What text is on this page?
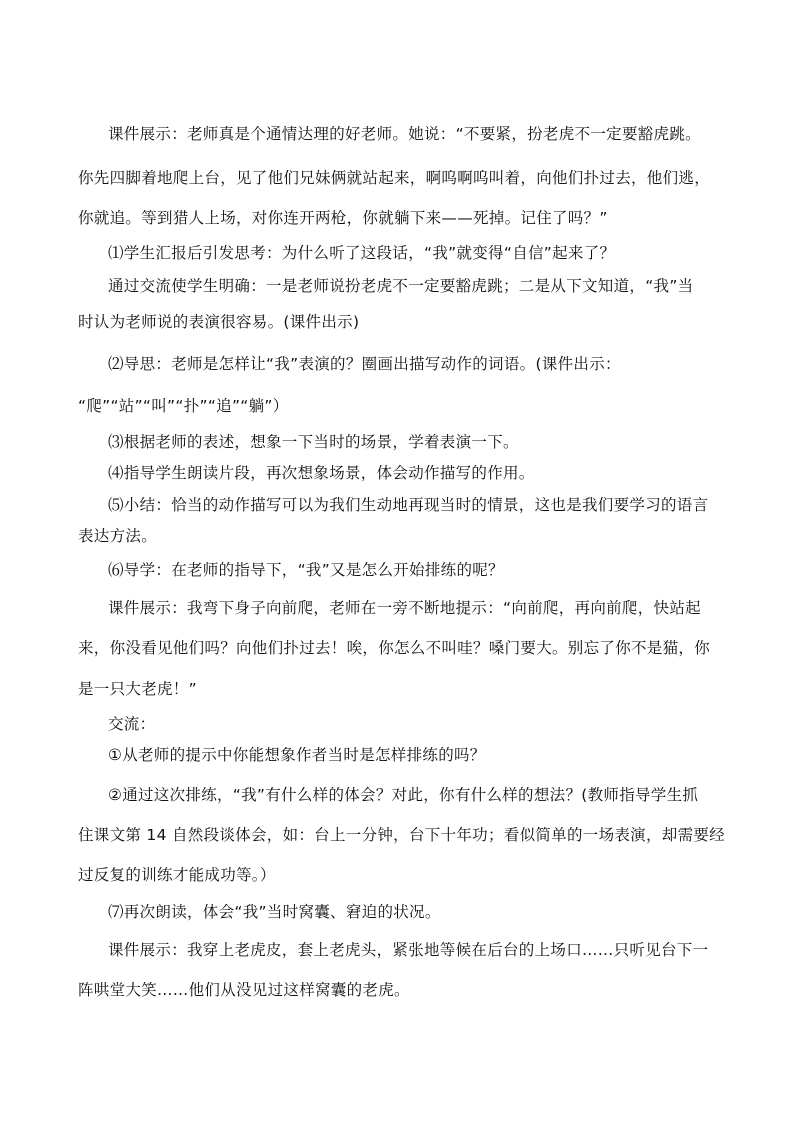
课件展示：老师真是个通情达理的好老师。她说：“不要紧，扮老虎不一定要豁虎跳。
你先四脚着地爬上台，见了他们兄妹俩就站起来，啊呜啊呜叫着，向他们扑过去，他们逃，
你就追。等到猎人上场，对你连开两枪，你就躺下来——死掉。记住了吗？”
⑴学生汇报后引发思考：为什么听了这段话，“我”就变得“自信”起来了？
通过交流使学生明确：一是老师说扮老虎不一定要豁虎跳；二是从下文知道，“我”当
时认为老师说的表演很容易。(课件出示)
⑵导思：老师是怎样让“我”表演的？圈画出描写动作的词语。(课件出示：
“爬”“站”“叫”“扑”“追”“躺”）
⑶根据老师的表述，想象一下当时的场景，学着表演一下。
⑷指导学生朗读片段，再次想象场景，体会动作描写的作用。
⑸小结：恰当的动作描写可以为我们生动地再现当时的情景，这也是我们要学习的语言
表达方法。
⑹导学：在老师的指导下，“我”又是怎么开始排练的呢？
课件展示：我弯下身子向前爬，老师在一旁不断地提示：“向前爬，再向前爬，快站起
来，你没看见他们吗？向他们扑过去！唉，你怎么不叫哇？嗓门要大。别忘了你不是猫，你
是一只大老虎！”
交流：
①从老师的提示中你能想象作者当时是怎样排练的吗？
②通过这次排练，“我”有什么样的体会？对此，你有什么样的想法？(教师指导学生抓
住课文第 14 自然段谈体会，如：台上一分钟，台下十年功；看似简单的一场表演，却需要经
过反复的训练才能成功等。）
⑺再次朗读，体会“我”当时窝囊、窘迫的状况。
课件展示：我穿上老虎皮，套上老虎头，紧张地等候在后台的上场口……只听见台下一
阵哄堂大笑……他们从没见过这样窝囊的老虎。
